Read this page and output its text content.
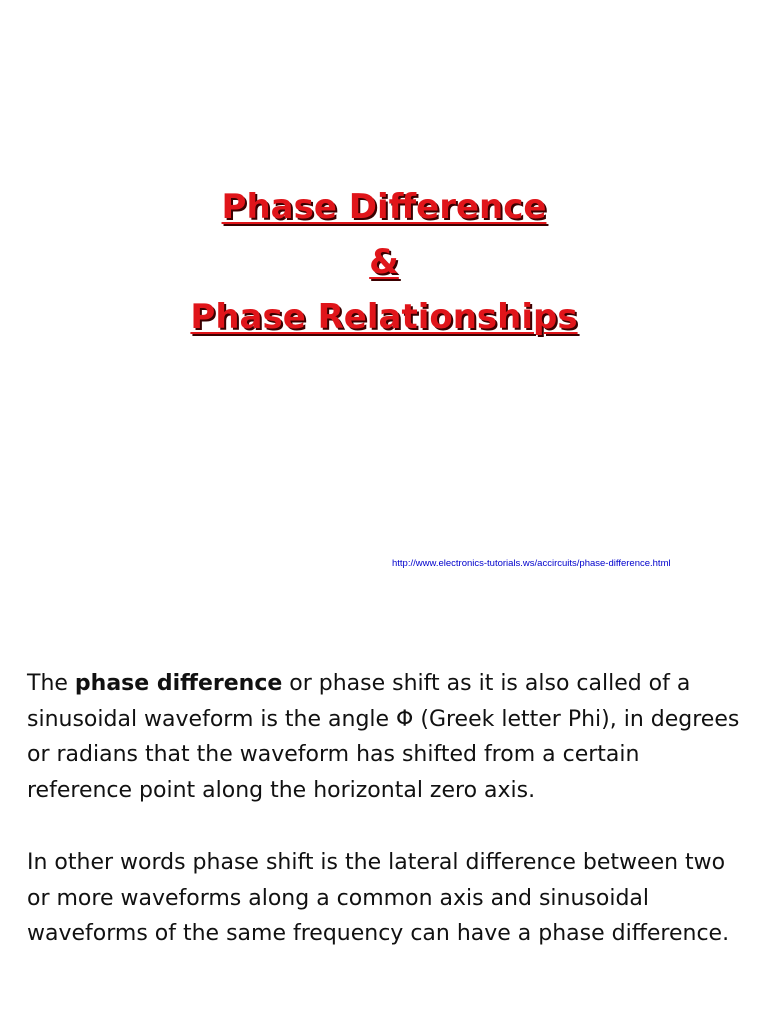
Phase Difference
&
Phase Relationships
http://www.electronics-tutorials.ws/accircuits/phase-difference.html
The phase difference or phase shift as it is also called of a sinusoidal waveform is the angle Φ (Greek letter Phi), in degrees or radians that the waveform has shifted from a certain reference point along the horizontal zero axis.
In other words phase shift is the lateral difference between two or more waveforms along a common axis and sinusoidal waveforms of the same frequency can have a phase difference.
